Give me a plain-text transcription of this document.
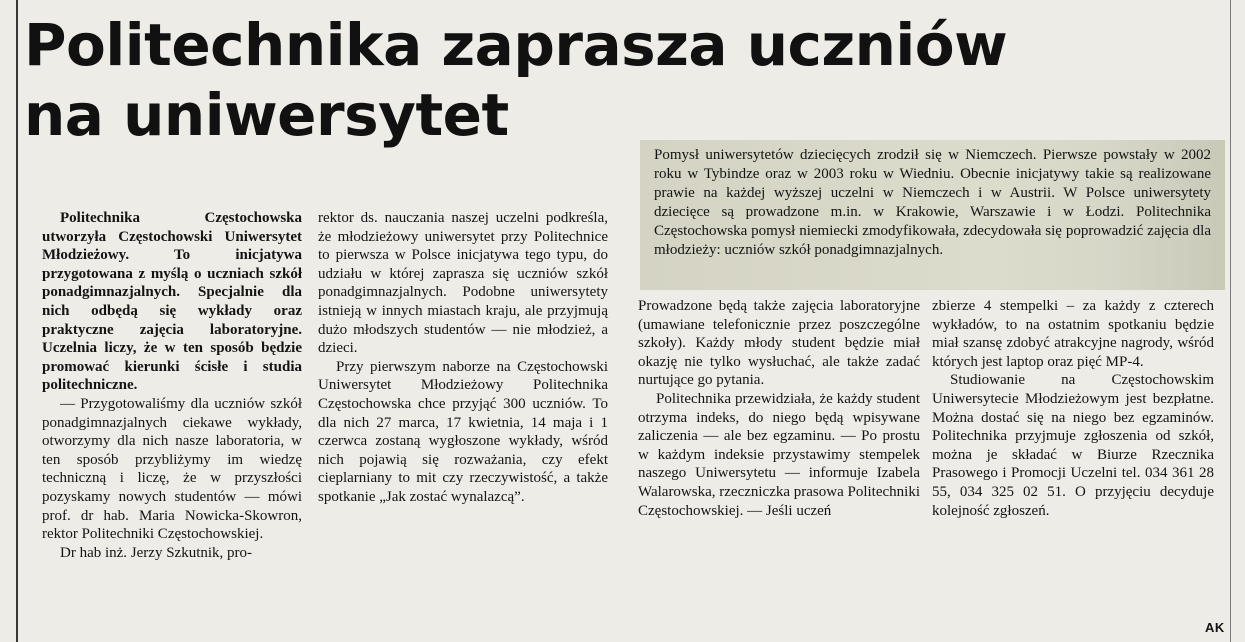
Politechnika zaprasza uczniów
na uniwersytet

Pomysł uniwersytetów dziecięcych zrodził się w Niemczech. Pierwsze powstały w 2002 roku w Tybindze oraz w 2003 roku w Wiedniu. Obecnie inicjatywy takie są realizowane prawie na każdej wyższej uczelni w Niemczech i w Austrii. W Polsce uniwersytety dziecięce są prowadzone m.in. w Krakowie, Warszawie i w Łodzi. Politechnika Częstochowska pomysł niemiecki zmodyfikowała, zdecydowała się poprowadzić zajęcia dla młodzieży: uczniów szkół ponadgimnazjalnych.

Politechnika Częstochowska utworzyła Częstochowski Uniwersytet Młodzieżowy. To inicjatywa przygotowana z myślą o uczniach szkół ponadgimnazjalnych. Specjalnie dla nich odbędą się wykłady oraz praktyczne zajęcia laboratoryjne. Uczelnia liczy, że w ten sposób będzie promować kierunki ścisłe i studia politechniczne.

— Przygotowaliśmy dla uczniów szkół ponadgimnazjalnych ciekawe wykłady, otworzymy dla nich nasze laboratoria, w ten sposób przybliżymy im wiedzę techniczną i liczę, że w przyszłości pozyskamy nowych studentów — mówi prof. dr hab. Maria Nowicka-Skowron, rektor Politechniki Częstochowskiej.

Dr hab inż. Jerzy Szkutnik, pro-

rektor ds. nauczania naszej uczelni podkreśla, że młodzieżowy uniwersytet przy Politechnice to pierwsza w Polsce inicjatywa tego typu, do udziału w której zaprasza się uczniów szkół ponadgimnazjalnych. Podobne uniwersytety istnieją w innych miastach kraju, ale przyjmują dużo młodszych studentów — nie młodzież, a dzieci.

Przy pierwszym naborze na Częstochowski Uniwersytet Młodzieżowy Politechnika Częstochowska chce przyjąć 300 uczniów. To dla nich 27 marca, 17 kwietnia, 14 maja i 1 czerwca zostaną wygłoszone wykłady, wśród nich pojawią się rozważania, czy efekt cieplarniany to mit czy rzeczywistość, a także spotkanie „Jak zostać wynalazcą”.

Prowadzone będą także zajęcia laboratoryjne (umawiane telefonicznie przez poszczególne szkoły). Każdy młody student będzie miał okazję nie tylko wysłuchać, ale także zadać nurtujące go pytania.

Politechnika przewidziała, że każdy student otrzyma indeks, do niego będą wpisywane zaliczenia — ale bez egzaminu. — Po prostu w każdym indeksie przystawimy stempelek naszego Uniwersytetu — informuje Izabela Walarowska, rzeczniczka prasowa Politechniki Częstochowskiej. — Jeśli uczeń

zbierze 4 stempelki – za każdy z czterech wykładów, to na ostatnim spotkaniu będzie miał szansę zdobyć atrakcyjne nagrody, wśród których jest laptop oraz pięć MP-4.

Studiowanie na Częstochowskim Uniwersytecie Młodzieżowym jest bezpłatne. Można dostać się na niego bez egzaminów. Politechnika przyjmuje zgłoszenia od szkół, można je składać w Biurze Rzecznika Prasowego i Promocji Uczelni tel. 034 361 28 55, 034 325 02 51. O przyjęciu decyduje kolejność zgłoszeń.

AK
